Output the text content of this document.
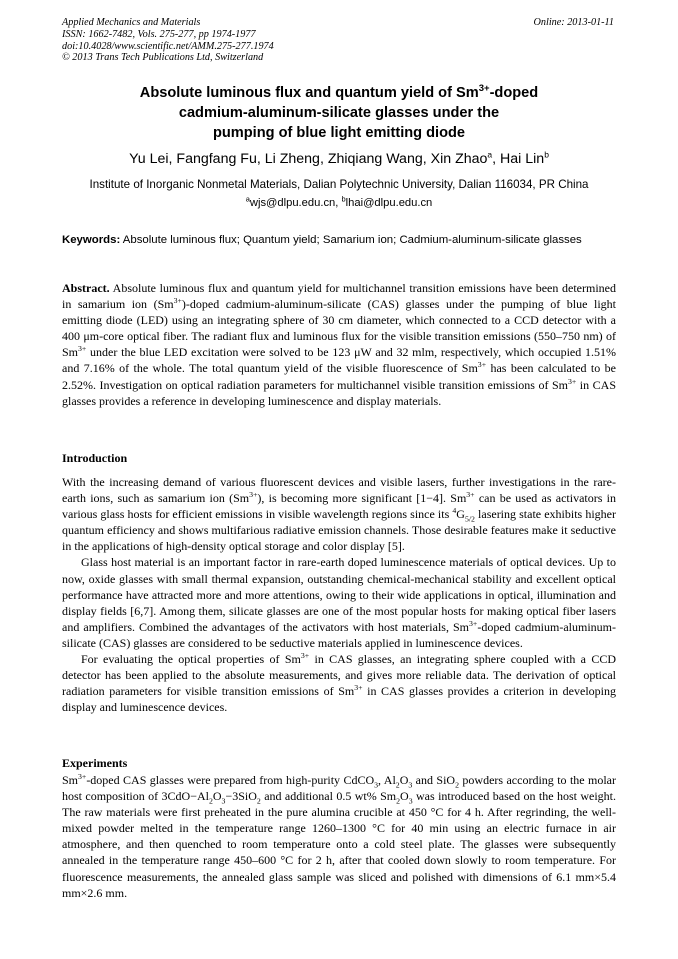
Applied Mechanics and Materials
ISSN: 1662-7482, Vols. 275-277, pp 1974-1977
doi:10.4028/www.scientific.net/AMM.275-277.1974
© 2013 Trans Tech Publications Ltd, Switzerland
Online: 2013-01-11
Absolute luminous flux and quantum yield of $Sm^{3+}$-doped
cadmium-aluminum-silicate glasses under the
pumping of blue light emitting diode
Yu Lei, Fangfang Fu, Li Zheng, Zhiqiang Wang, Xin Zhao$^a$, Hai Lin$^b$
Institute of Inorganic Nonmetal Materials, Dalian Polytechnic University, Dalian 116034, PR China
$^a$wjs@dlpu.edu.cn, $^b$lhai@dlpu.edu.cn
Keywords: Absolute luminous flux; Quantum yield; Samarium ion; Cadmium-aluminum-silicate glasses

Abstract. Absolute luminous flux and quantum yield for multichannel transition emissions have been determined in samarium ion $(Sm^{3+})$-doped cadmium-aluminum-silicate (CAS) glasses under the pumping of blue light emitting diode (LED) using an integrating sphere of 30 cm diameter, which connected to a CCD detector with a 400 μm-core optical fiber. The radiant flux and luminous flux for the visible transition emissions (550–750 nm) of $Sm^{3+}$ under the blue LED excitation were solved to be 123 μW and 32 mlm, respectively, which occupied 1.51% and 7.16% of the whole. The total quantum yield of the visible fluorescence of $Sm^{3+}$ has been calculated to be 2.52%. Investigation on optical radiation parameters for multichannel visible transition emissions of $Sm^{3+}$ in CAS glasses provides a reference in developing luminescence and display materials.

Introduction

With the increasing demand of various fluorescent devices and visible lasers, further investigations in the rare-earth ions, such as samarium ion $(Sm^{3+})$, is becoming more significant [1−4]. $Sm^{3+}$ can be used as activators in various glass hosts for efficient emissions in visible wavelength regions since its $^4G_{5/2}$ lasering state exhibits higher quantum efficiency and shows multifarious radiative emission channels. Those desirable features make it seductive in the applications of high-density optical storage and color display [5].

Glass host material is an important factor in rare-earth doped luminescence materials of optical devices. Up to now, oxide glasses with small thermal expansion, outstanding chemical-mechanical stability and excellent optical performance have attracted more and more attentions, owing to their wide applications in optical, illumination and display fields [6,7]. Among them, silicate glasses are one of the most popular hosts for making optical fiber lasers and amplifiers. Combined the advantages of the activators with host materials, $Sm^{3+}$-doped cadmium-aluminum-silicate (CAS) glasses are considered to be seductive materials applied in luminescence devices.

For evaluating the optical properties of $Sm^{3+}$ in CAS glasses, an integrating sphere coupled with a CCD detector has been applied to the absolute measurements, and gives more reliable data. The derivation of optical radiation parameters for visible transition emissions of $Sm^{3+}$ in CAS glasses provides a criterion in developing display and luminescence devices.

Experiments

$Sm^{3+}$-doped CAS glasses were prepared from high-purity CdCO$_3$, $Al_2O_3$ and SiO$_2$ powders according to the molar host composition of $3CdO-Al_2O_3-3SiO_2$ and additional 0.5 wt% $Sm_2O_3$ was introduced based on the host weight. The raw materials were first preheated in the pure alumina crucible at 450 °C for 4 h. After regrinding, the well-mixed powder melted in the temperature range 1260–1300 °C for 40 min using an electric furnace in air atmosphere, and then quenched to room temperature onto a cold steel plate. The glasses were subsequently annealed in the temperature range 450–600 °C for 2 h, after that cooled down slowly to room temperature. For fluorescence measurements, the annealed glass sample was sliced and polished with dimensions of 6.1 mm×5.4 mm×2.6 mm.
